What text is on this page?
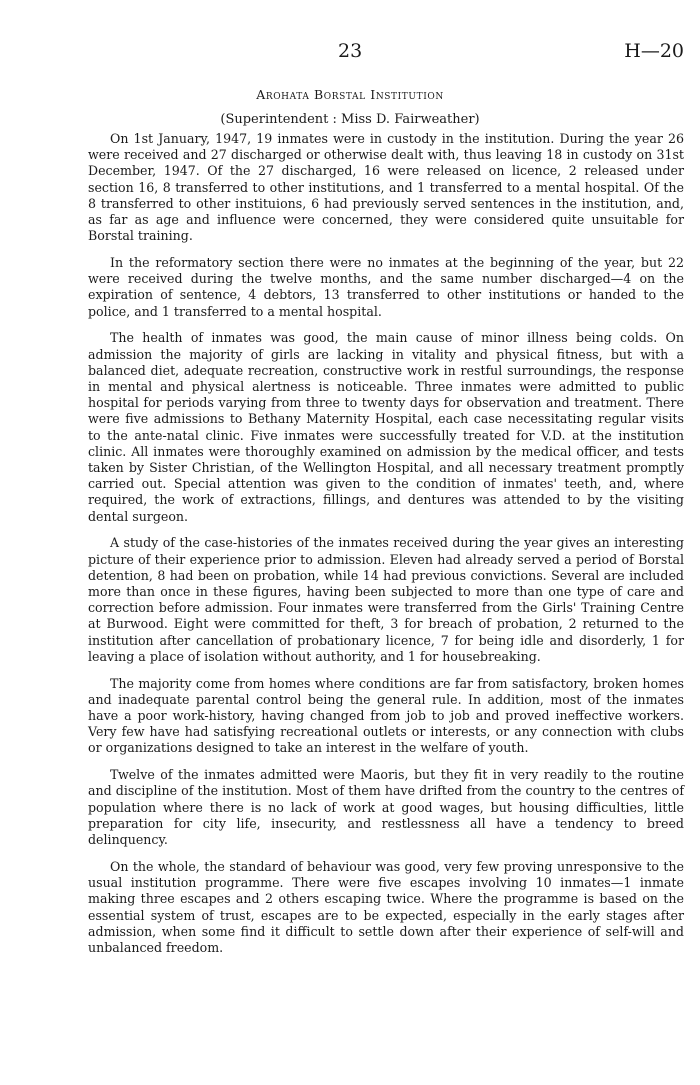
23	H—20
Arohata Borstal Institution
(Superintendent : Miss D. Fairweather)

On 1st January, 1947, 19 inmates were in custody in the institution. During the year 26 were received and 27 discharged or otherwise dealt with, thus leaving 18 in custody on 31st December, 1947. Of the 27 discharged, 16 were released on licence, 2 released under section 16, 8 transferred to other institutions, and 1 transferred to a mental hospital. Of the 8 transferred to other instituions, 6 had previously served sentences in the institution, and, as far as age and influence were concerned, they were considered quite unsuitable for Borstal training.

In the reformatory section there were no inmates at the beginning of the year, but 22 were received during the twelve months, and the same number discharged—4 on the expiration of sentence, 4 debtors, 13 transferred to other institutions or handed to the police, and 1 transferred to a mental hospital.

The health of inmates was good, the main cause of minor illness being colds. On admission the majority of girls are lacking in vitality and physical fitness, but with a balanced diet, adequate recreation, constructive work in restful surroundings, the response in mental and physical alertness is noticeable. Three inmates were admitted to public hospital for periods varying from three to twenty days for observation and treatment. There were five admissions to Bethany Maternity Hospital, each case necessitating regular visits to the ante-natal clinic. Five inmates were successfully treated for V.D. at the institution clinic. All inmates were thoroughly examined on admission by the medical officer, and tests taken by Sister Christian, of the Wellington Hospital, and all necessary treatment promptly carried out. Special attention was given to the condition of inmates' teeth, and, where required, the work of extractions, fillings, and dentures was attended to by the visiting dental surgeon.

A study of the case-histories of the inmates received during the year gives an interesting picture of their experience prior to admission. Eleven had already served a period of Borstal detention, 8 had been on probation, while 14 had previous convictions. Several are included more than once in these figures, having been subjected to more than one type of care and correction before admission. Four inmates were transferred from the Girls' Training Centre at Burwood. Eight were committed for theft, 3 for breach of probation, 2 returned to the institution after cancellation of probationary licence, 7 for being idle and disorderly, 1 for leaving a place of isolation without authority, and 1 for housebreaking.

The majority come from homes where conditions are far from satisfactory, broken homes and inadequate parental control being the general rule. In addition, most of the inmates have a poor work-history, having changed from job to job and proved ineffective workers. Very few have had satisfying recreational outlets or interests, or any connection with clubs or organizations designed to take an interest in the welfare of youth.

Twelve of the inmates admitted were Maoris, but they fit in very readily to the routine and discipline of the institution. Most of them have drifted from the country to the centres of population where there is no lack of work at good wages, but housing difficulties, little preparation for city life, insecurity, and restlessness all have a tendency to breed delinquency.

On the whole, the standard of behaviour was good, very few proving unresponsive to the usual institution programme. There were five escapes involving 10 inmates—1 inmate making three escapes and 2 others escaping twice. Where the programme is based on the essential system of trust, escapes are to be expected, especially in the early stages after admission, when some find it difficult to settle down after their experience of self-will and unbalanced freedom.
